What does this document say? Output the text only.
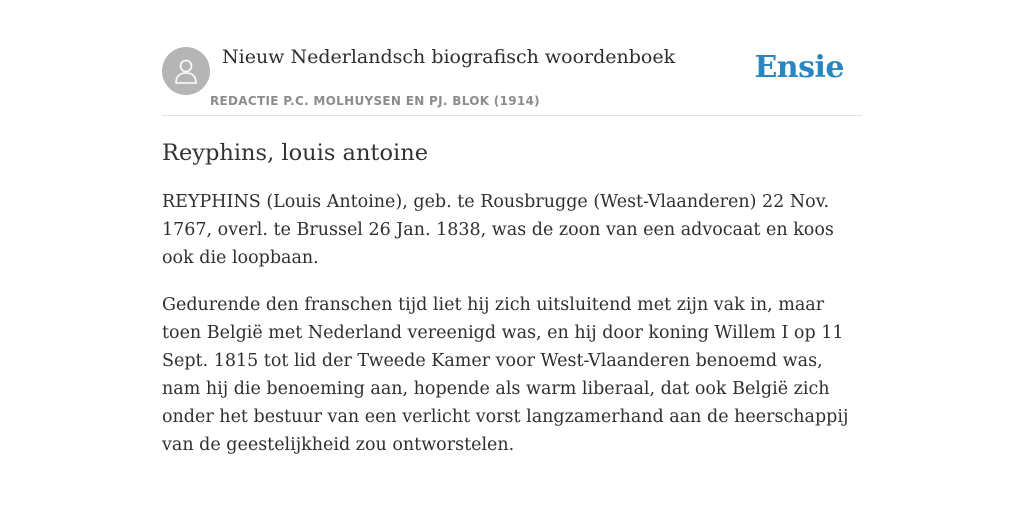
Nieuw Nederlandsch biografisch woordenboek
REDACTIE P.C. MOLHUYSEN EN PJ. BLOK (1914)
Ensie
Reyphins, louis antoine

REYPHINS (Louis Antoine), geb. te Rousbrugge (West-Vlaanderen) 22 Nov. 1767, overl. te Brussel 26 Jan. 1838, was de zoon van een advocaat en koos ook die loopbaan.

Gedurende den franschen tijd liet hij zich uitsluitend met zijn vak in, maar toen België met Nederland vereenigd was, en hij door koning Willem I op 11 Sept. 1815 tot lid der Tweede Kamer voor West-Vlaanderen benoemd was, nam hij die benoeming aan, hopende als warm liberaal, dat ook België zich onder het bestuur van een verlicht vorst langzamerhand aan de heerschappij van de geestelijkheid zou ontworstelen.
